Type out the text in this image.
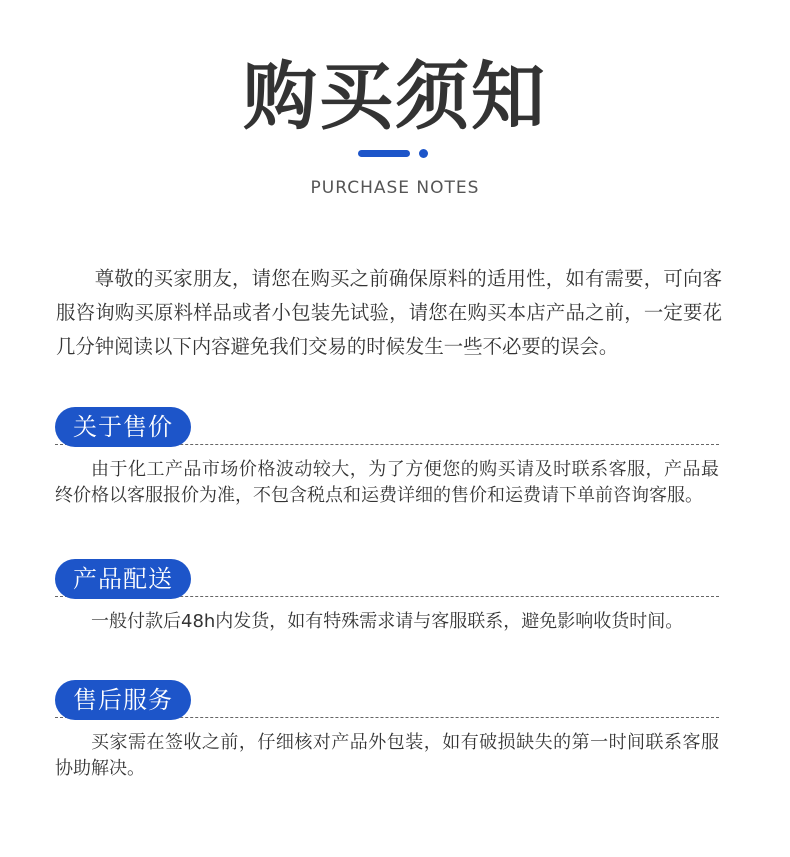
购买须知
PURCHASE NOTES
尊敬的买家朋友，请您在购买之前确保原料的适用性，如有需要，可向客服咨询购买原料样品或者小包装先试验，请您在购买本店产品之前，一定要花几分钟阅读以下内容避免我们交易的时候发生一些不必要的误会。
关于售价
由于化工产品市场价格波动较大，为了方便您的购买请及时联系客服，产品最终价格以客服报价为准，不包含税点和运费详细的售价和运费请下单前咨询客服。
产品配送
一般付款后48h内发货，如有特殊需求请与客服联系，避免影响收货时间。
售后服务
买家需在签收之前，仔细核对产品外包装，如有破损缺失的第一时间联系客服协助解决。
